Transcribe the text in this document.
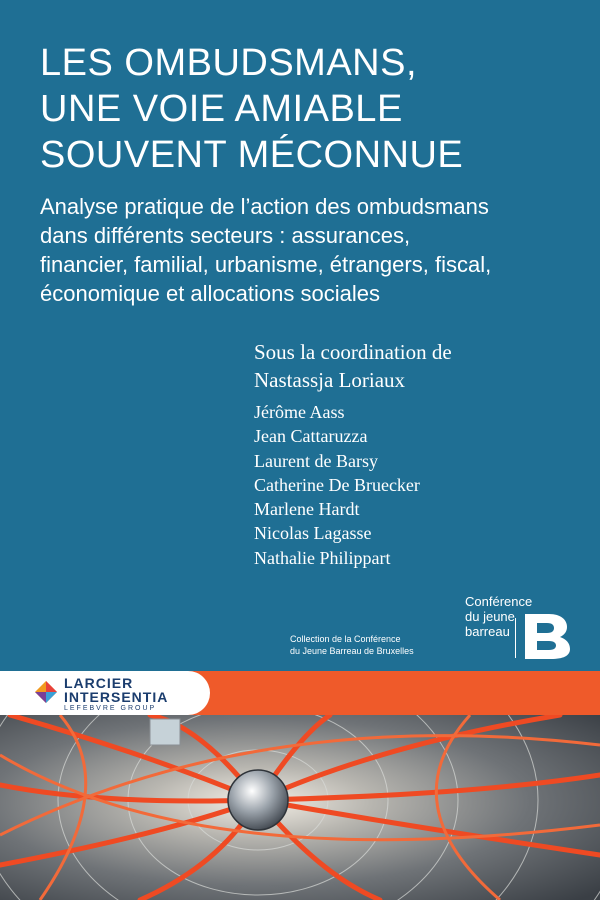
LES OMBUDSMANS,
UNE VOIE AMIABLE
SOUVENT MÉCONNUE
Analyse pratique de l’action des ombudsmans
dans différents secteurs : assurances,
financier, familial, urbanisme, étrangers, fiscal,
économique et allocations sociales
Sous la coordination de
Nastassja Loriaux
Jérôme Aass
Jean Cattaruzza
Laurent de Barsy
Catherine De Bruecker
Marlene Hardt
Nicolas Lagasse
Nathalie Philippart
Collection de la Conférence
du Jeune Barreau de Bruxelles
Conférence
du jeune
barreau
LARCIER
INTERSENTIA
LEFEBVRE GROUP
